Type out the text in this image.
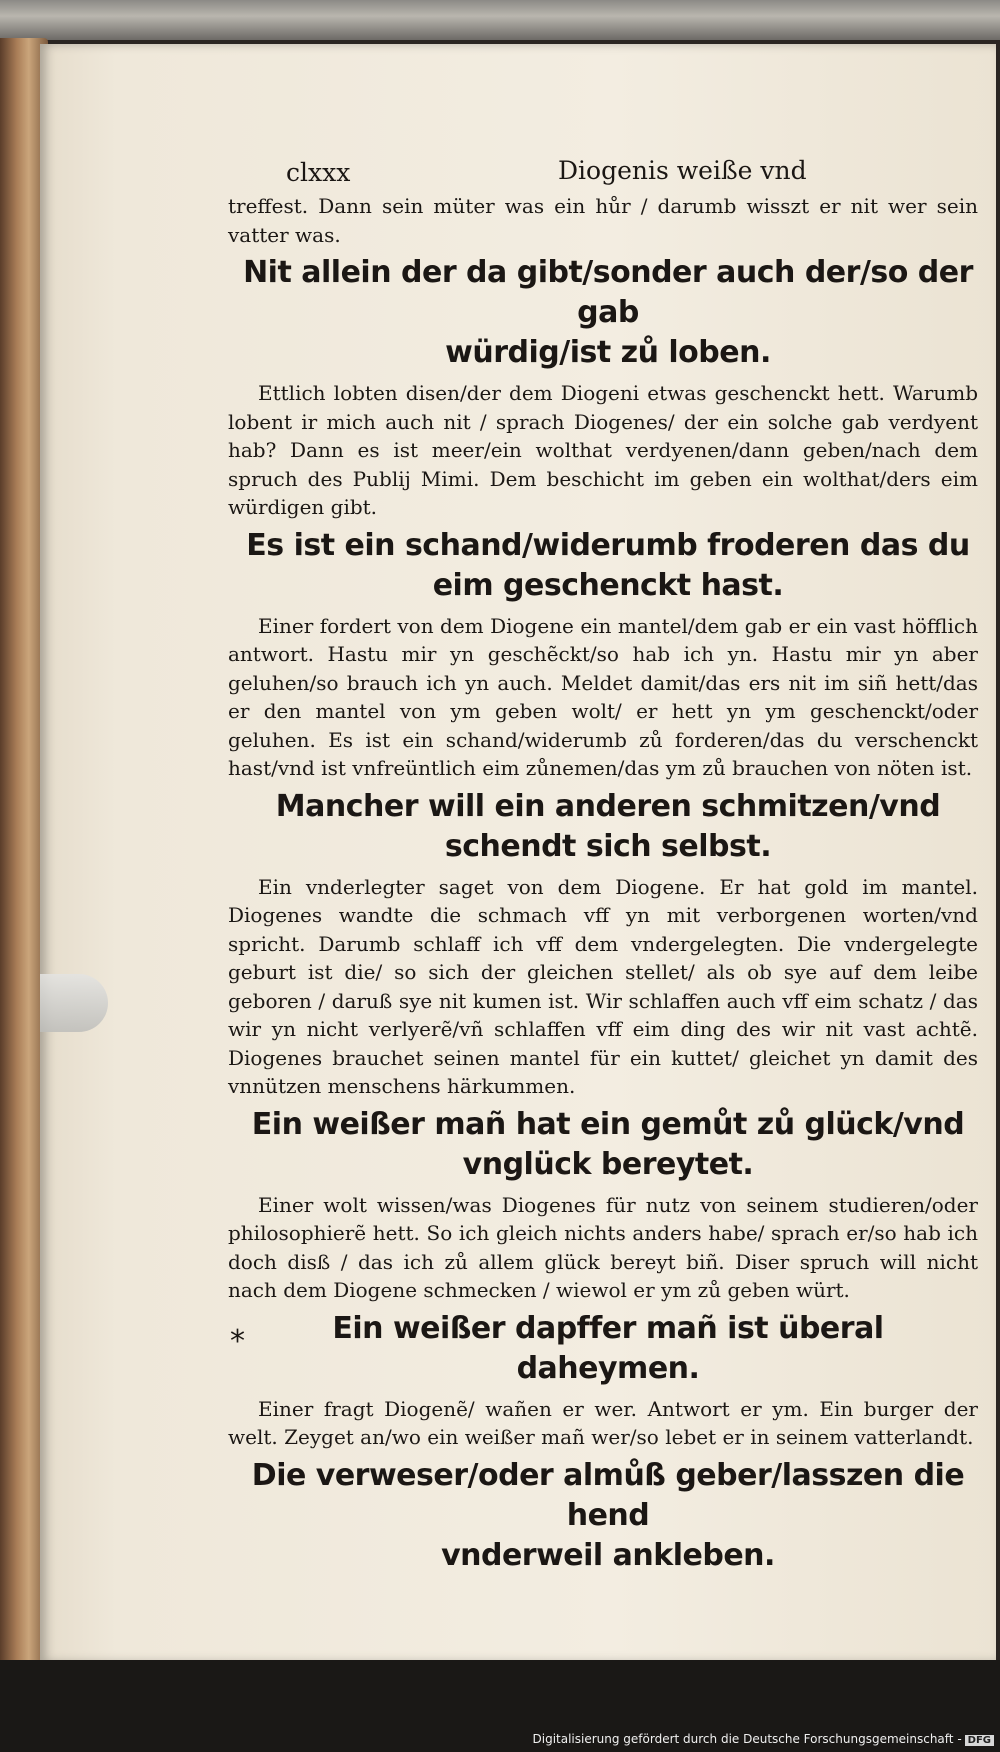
clxxx	Diogenis weiße vnd

treffest. Dann sein müter was ein hůr / darumb wisszt er nit wer sein vatter was.

Nit allein der da gibt/sonder auch der/so der gab
würdig/ist zů loben.

Ettlich lobten disen/der dem Diogeni etwas geschenckt hett. Warumb lobent ir mich auch nit / sprach Diogenes/ der ein solche gab verdyent hab? Dann es ist meer/ein wolthat verdyenen/dann geben/nach dem spruch des Publij Mimi. Dem beschicht im geben ein wolthat/ders eim würdigen gibt.

Es ist ein schand/widerumb froderen das du
eim geschenckt hast.

Einer fordert von dem Diogene ein mantel/dem gab er ein vast höfflich antwort. Hastu mir yn geschẽckt/so hab ich yn. Hastu mir yn aber geluhen/so brauch ich yn auch. Meldet damit/das ers nit im siñ hett/das er den mantel von ym geben wolt/ er hett yn ym geschenckt/oder geluhen. Es ist ein schand/widerumb zů forderen/das du verschenckt hast/vnd ist vnfreüntlich eim zůnemen/das ym zů brauchen von nöten ist.

Mancher will ein anderen schmitzen/vnd
schendt sich selbst.

Ein vnderlegter saget von dem Diogene. Er hat gold im mantel. Diogenes wandte die schmach vff yn mit verborgenen worten/vnd spricht. Darumb schlaff ich vff dem vndergelegten. Die vndergelegte geburt ist die/ so sich der gleichen stellet/ als ob sye auf dem leibe geboren / daruß sye nit kumen ist. Wir schlaffen auch vff eim schatz / das wir yn nicht verlyerẽ/vñ schlaffen vff eim ding des wir nit vast achtẽ. Diogenes brauchet seinen mantel für ein kuttet/ gleichet yn damit des vnnützen menschens härkummen.

Ein weißer mañ hat ein gemůt zů glück/vnd
vnglück bereytet.

Einer wolt wissen/was Diogenes für nutz von seinem studieren/oder philosophierẽ hett. So ich gleich nichts anders habe/ sprach er/so hab ich doch disß / das ich zů allem glück bereyt biñ. Diser spruch will nicht nach dem Diogene schmecken / wiewol er ym zů geben würt.

Ein weißer dapffer mañ ist überal daheymen.

Einer fragt Diogenẽ/ wañen er wer. Antwort er ym. Ein burger der welt. Zeyget an/wo ein weißer mañ wer/so lebet er in seinem vatterlandt.

Die verweser/oder almůß geber/lasszen die hend
vnderweil ankleben.
*
Digitalisierung gefördert durch die Deutsche Forschungsgemeinschaft - DFG
